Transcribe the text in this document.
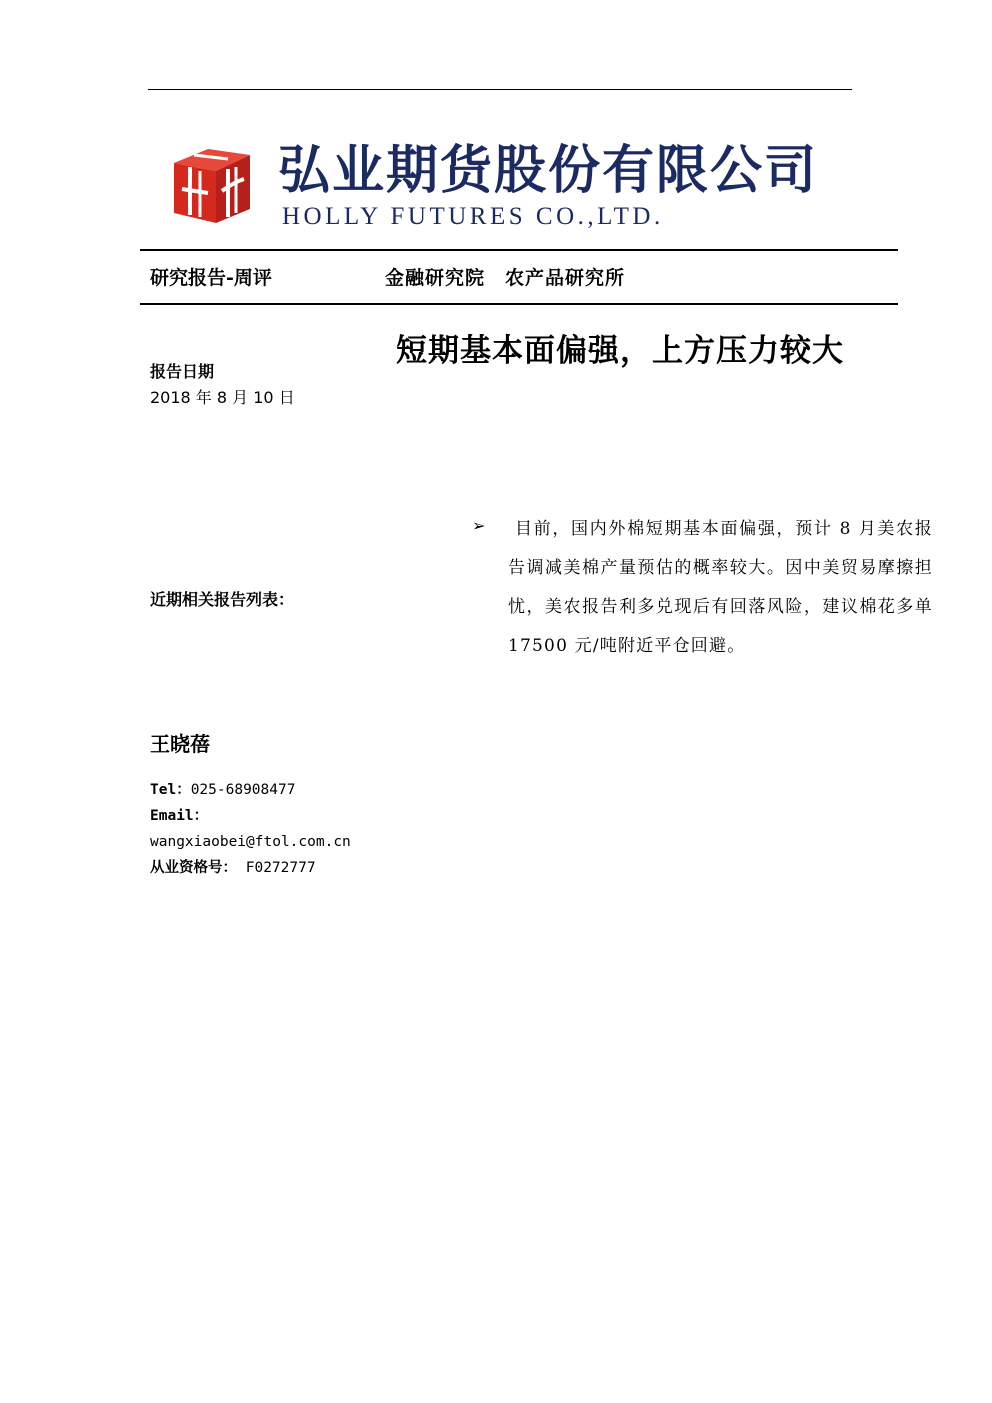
弘业期货股份有限公司
HOLLY FUTURES CO.,LTD.
研究报告-周评	金融研究院　农产品研究所
短期基本面偏强，上方压力较大
报告日期
2018 年 8 月 10 日
➢	目前，国内外棉短期基本面偏强，预计 8 月美农报告调减美棉产量预估的概率较大。因中美贸易摩擦担忧，美农报告利多兑现后有回落风险，建议棉花多单 17500 元/吨附近平仓回避。
近期相关报告列表：
王晓蓓
Tel：025-68908477
Email：
wangxiaobei@ftol.com.cn
从业资格号： F0272777
